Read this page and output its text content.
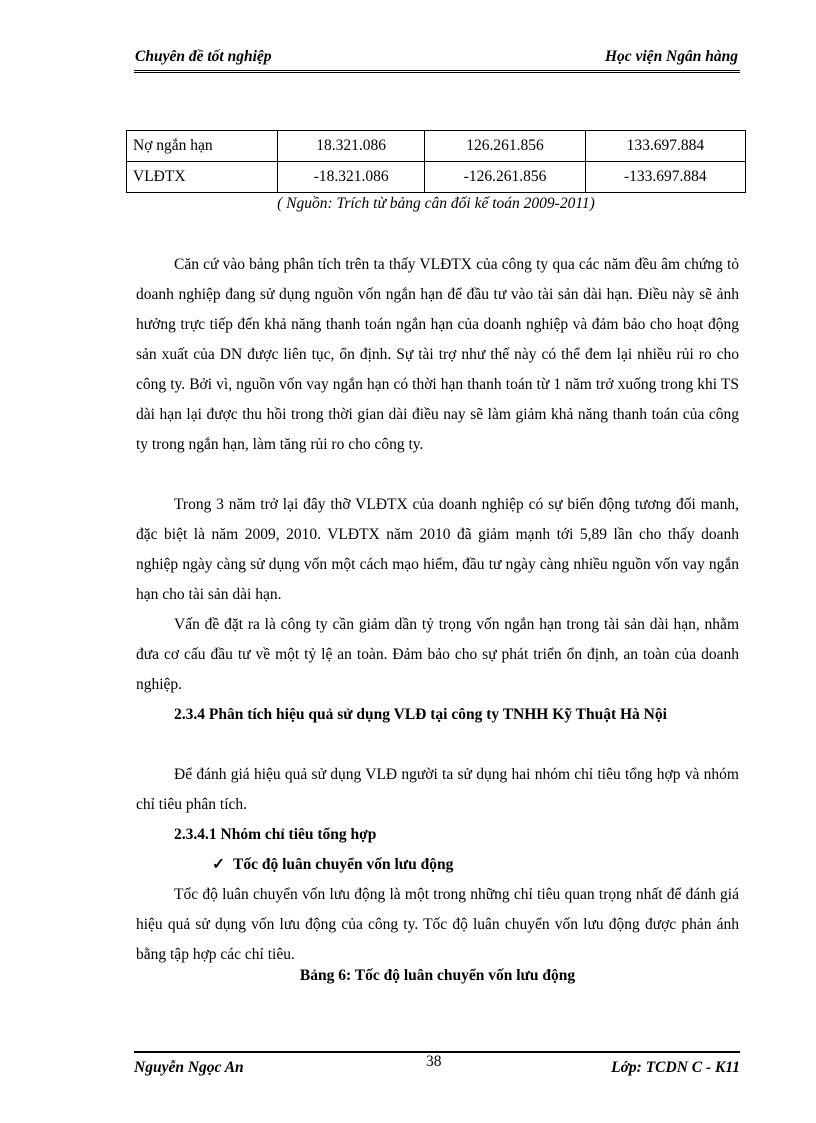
Chuyên đề tốt nghiệp	Học viện Ngân hàng
Nợ ngắn hạn	18.321.086	126.261.856	133.697.884
VLĐTX	-18.321.086	-126.261.856	-133.697.884
( Nguồn: Trích từ bảng cân đối kế toán 2009-2011)

Căn cứ vào bảng phân tích trên ta thấy VLĐTX của công ty qua các năm đều âm chứng tỏ doanh nghiệp đang sử dụng nguồn vốn ngắn hạn để đầu tư vào tài sản dài hạn. Điều này sẽ ảnh hưởng trực tiếp đến khả năng thanh toán ngắn hạn của doanh nghiệp và đảm bảo cho hoạt động sản xuất của DN được liên tục, ổn định. Sự tài trợ như thế này có thể đem lại nhiều rủi ro cho công ty. Bởi vì, nguồn vốn vay ngắn hạn có thời hạn thanh toán từ 1 năm trở xuống trong khi TS dài hạn lại được thu hồi trong thời gian dài điều nay sẽ làm giảm khả năng thanh toán của công ty trong ngắn hạn, làm tăng rủi ro cho công ty.

Trong 3 năm trở lại đây thỡ VLĐTX của doanh nghiệp có sự biến động tương đối manh, đặc biệt là năm 2009, 2010. VLĐTX năm 2010 đã giảm mạnh tới 5,89 lần cho thấy doanh nghiệp ngày càng sử dụng vốn một cách mạo hiểm, đầu tư ngày càng nhiều nguồn vốn vay ngắn hạn cho tài sản dài hạn.

Vấn đề đặt ra là công ty cần giảm dần tỷ trọng vốn ngắn hạn trong tài sản dài hạn, nhằm đưa cơ cấu đầu tư về một tỷ lệ an toàn. Đảm bảo cho sự phát triển ổn định, an toàn của doanh nghiệp.

2.3.4 Phân tích hiệu quả sử dụng VLĐ tại công ty TNHH Kỹ Thuật Hà Nội

Để đánh giá hiệu quả sử dụng VLĐ người ta sử dụng hai nhóm chỉ tiêu tổng hợp và nhóm chỉ tiêu phân tích.

2.3.4.1 Nhóm chỉ tiêu tổng hợp

✓ Tốc độ luân chuyển vốn lưu động

Tốc độ luân chuyển vốn lưu động là một trong những chỉ tiêu quan trọng nhất để đánh giá hiệu quả sử dụng vốn lưu động của công ty. Tốc độ luân chuyển vốn lưu động được phản ánh bằng tập hợp các chỉ tiêu.

Bảng 6: Tốc độ luân chuyển vốn lưu động
Nguyễn Ngọc An	38	Lớp: TCDN C - K11
